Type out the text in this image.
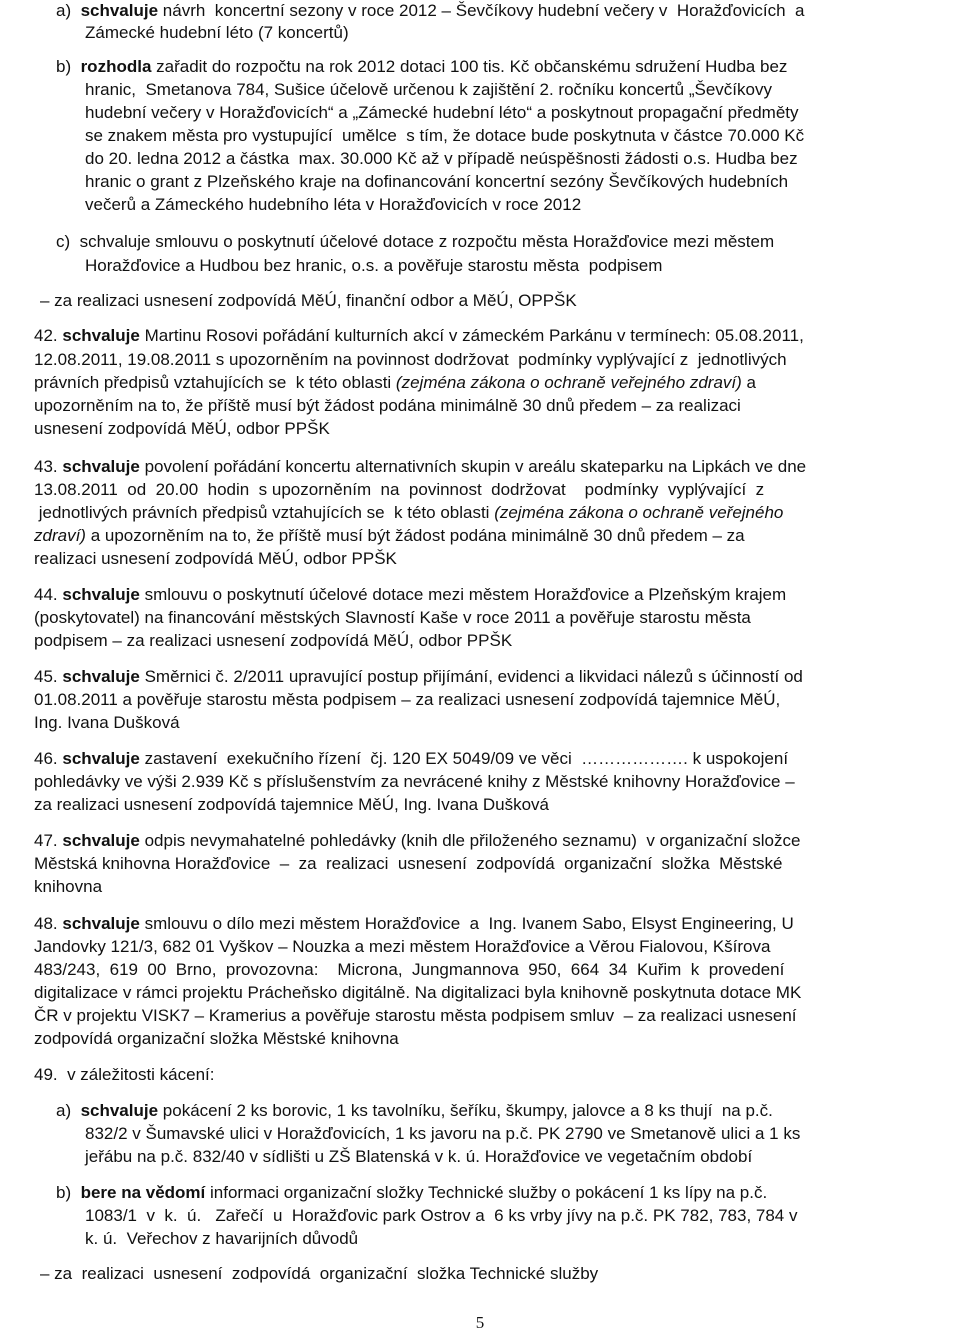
a)  schvaluje návrh  koncertní sezony v roce 2012 – Ševčíkovy hudební večery v  Horažďovicích  a
Zámecké hudební léto (7 koncertů)
b)  rozhodla zařadit do rozpočtu na rok 2012 dotaci 100 tis. Kč občanskému sdružení Hudba bez
hranic,  Smetanova 784, Sušice účelově určenou k zajištění 2. ročníku koncertů „Ševčíkovy
hudební večery v Horažďovicích“ a „Zámecké hudební léto“ a poskytnout propagační předměty
se znakem města pro vystupující  umělce  s tím, že dotace bude poskytnuta v částce 70.000 Kč
do 20. ledna 2012 a částka  max. 30.000 Kč až v případě neúspěšnosti žádosti o.s. Hudba bez
hranic o grant z Plzeňského kraje na dofinancování koncertní sezóny Ševčíkových hudebních
večerů a Zámeckého hudebního léta v Horažďovicích v roce 2012
c)  schvaluje smlouvu o poskytnutí účelové dotace z rozpočtu města Horažďovice mezi městem
Horažďovice a Hudbou bez hranic, o.s. a pověřuje starostu města  podpisem
– za realizaci usnesení zodpovídá MěÚ, finanční odbor a MěÚ, OPPŠK
42. schvaluje Martinu Rosovi pořádání kulturních akcí v zámeckém Parkánu v termínech: 05.08.2011,
12.08.2011, 19.08.2011 s upozorněním na povinnost dodržovat  podmínky vyplývající z  jednotlivých
právních předpisů vztahujících se  k této oblasti (zejména zákona o ochraně veřejného zdraví) a
upozorněním na to, že příště musí být žádost podána minimálně 30 dnů předem – za realizaci
usnesení zodpovídá MěÚ, odbor PPŠK
43. schvaluje povolení pořádání koncertu alternativních skupin v areálu skateparku na Lipkách ve dne
13.08.2011  od  20.00  hodin  s upozorněním  na  povinnost  dodržovat    podmínky  vyplývající  z
jednotlivých právních předpisů vztahujících se  k této oblasti (zejména zákona o ochraně veřejného
zdraví) a upozorněním na to, že příště musí být žádost podána minimálně 30 dnů předem – za
realizaci usnesení zodpovídá MěÚ, odbor PPŠK
44. schvaluje smlouvu o poskytnutí účelové dotace mezi městem Horažďovice a Plzeňským krajem
(poskytovatel) na financování městských Slavností Kaše v roce 2011 a pověřuje starostu města
podpisem – za realizaci usnesení zodpovídá MěÚ, odbor PPŠK
45. schvaluje Směrnici č. 2/2011 upravující postup přijímání, evidenci a likvidaci nálezů s účinností od
01.08.2011 a pověřuje starostu města podpisem – za realizaci usnesení zodpovídá tajemnice MěÚ,
Ing. Ivana Dušková
46. schvaluje zastavení  exekučního řízení  čj. 120 EX 5049/09 ve věci  ………………. k uspokojení
pohledávky ve výši 2.939 Kč s příslušenstvím za nevrácené knihy z Městské knihovny Horažďovice –
za realizaci usnesení zodpovídá tajemnice MěÚ, Ing. Ivana Dušková
47. schvaluje odpis nevymahatelné pohledávky (knih dle přiloženého seznamu)  v organizační složce
Městská knihovna Horažďovice  –  za  realizaci  usnesení  zodpovídá  organizační  složka  Městské
knihovna
48. schvaluje smlouvu o dílo mezi městem Horažďovice  a  Ing. Ivanem Sabo, Elsyst Engineering, U
Jandovky 121/3, 682 01 Vyškov – Nouzka a mezi městem Horažďovice a Věrou Fialovou, Kšírova
483/243,  619  00  Brno,  provozovna:    Microna,  Jungmannova  950,  664  34  Kuřim  k  provedení
digitalizace v rámci projektu Prácheňsko digitálně. Na digitalizaci byla knihovně poskytnuta dotace MK
ČR v projektu VISK7 – Kramerius a pověřuje starostu města podpisem smluv  – za realizaci usnesení
zodpovídá organizační složka Městské knihovna
49.  v záležitosti kácení:
a)  schvaluje pokácení 2 ks borovic, 1 ks tavolníku, šeříku, škumpy, jalovce a 8 ks thují  na p.č.
832/2 v Šumavské ulici v Horažďovicích, 1 ks javoru na p.č. PK 2790 ve Smetanově ulici a 1 ks
jeřábu na p.č. 832/40 v sídlišti u ZŠ Blatenská v k. ú. Horažďovice ve vegetačním období
b)  bere na vědomí informaci organizační složky Technické služby o pokácení 1 ks lípy na p.č.
1083/1  v  k.  ú.   Zařečí  u  Horažďovic park Ostrov a  6 ks vrby jívy na p.č. PK 782, 783, 784 v
k. ú.  Veřechov z havarijních důvodů
– za  realizaci  usnesení  zodpovídá  organizační  složka Technické služby
5
